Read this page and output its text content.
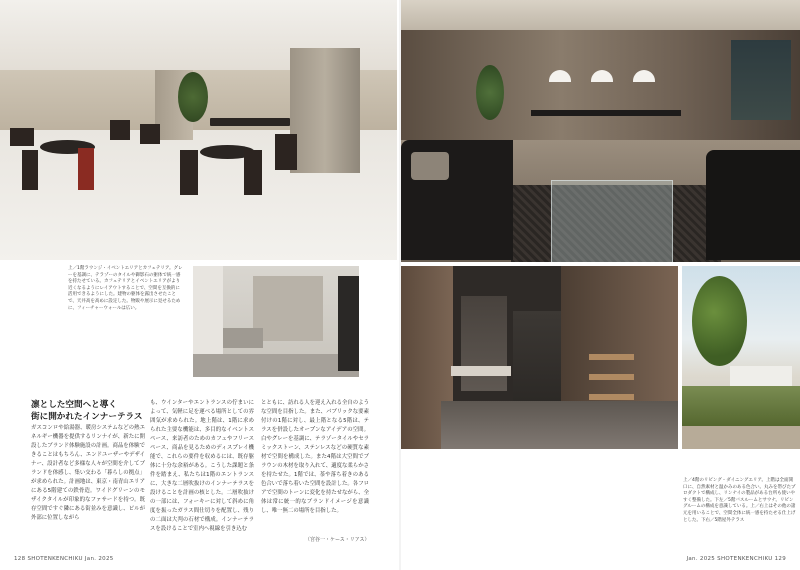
上／1階ラウンジ・イベントエリアとカフェテリア。グレーを基調に、テラゾーのタイルや御影石の躯体で統一感を持たせている。カフェテリアとイベントエリアがより近くなるようにレイアウトすることで、空間を互換的に活用できるようにした。建物の躯体を露出させたことで、天井高を高めに設定した。物販や展示に見せるために、フィーチャーウォールは広い。
凛とした空間へと導く
街に開かれたインナーテラス
ガスコンロや給湯器、暖房システムなどの熱エネルギー機器を提供するリンナイが、新たに開設したブランド体験施設の計画。商品を体験できることはもちろん、エンドユーザーやデザイナー、設計者など多様な人々が空間を介してブランドを体感し、集い交わる「暮らしの拠点」が求められた。計画地は、東京・南青山エリアにある5階建ての鉄骨造。ワイドグリーンのモザイクタイルが印象的なファサードを持つ。既存空間ですぐ隣にある街並みを意識し、ビルが外部に位置しながら
も、ウインターやエントランスの佇まいによって、気軽に足を運べる場所としての雰囲気が求められた。地上階は、1階に求められた主要な機能は、多目的なイベントスペース、来訪者のためのカフェやフリースペース、商品を見るためのディスプレイ機能で、これらの要件を収めるには、既存躯体に十分な余裕がある。こうした課題と条件を踏まえ、私たちは1階のエントランスに、大きな二層吹抜けのインナーテラスを設けることを計画の核とした。二層吹抜けの一部には、フォーキーに対して斜めに角度を振ったガラス間仕切りを配置し、残りの二面は大判の石材で構成。インナーテラスを設けることで室内へ視線を引き込む
とともに、訪れる人を迎え入れる全自のような空間を目指した。また、パブリックな要素付けの1階に対し、最上階となる5階は、テラスを併設したオープンなアイデアの空間。白やグレーを基調に、テラゾータイルやセラミックストーン、ステンレスなどの硬質な素材で空間を構成した。また4階は大空間でブラウンの木材を取り入れて、適度な柔らかさを持たせた。1階では、茶や落ち着きのある色合いで落ち着いた空間を設計した。各フロアで空間のトーンに変化を持たせながら、全体は常に統一的なブランドイメージを意識し、唯一無二の場所を目指した。
（宮谷一・ケース・リアス）
上／4階のリビング・ダイニングエリア。上階は全面開口に、自然素材と温かみのある色合い。丸みを帯びたプロダクトで構成し、リンナイの製品がある台所も使いやすく整備した。下左／5階バスルームとサウナ。リビングルームの構成を意識している。上／右上はその他の諸元を用いることで、空間全体に統一感を持たせる仕上げとした。下右／5階屋外テラス
128 SHOTENKENCHIKU Jan. 2025	Jan. 2025 SHOTENKENCHIKU 129
